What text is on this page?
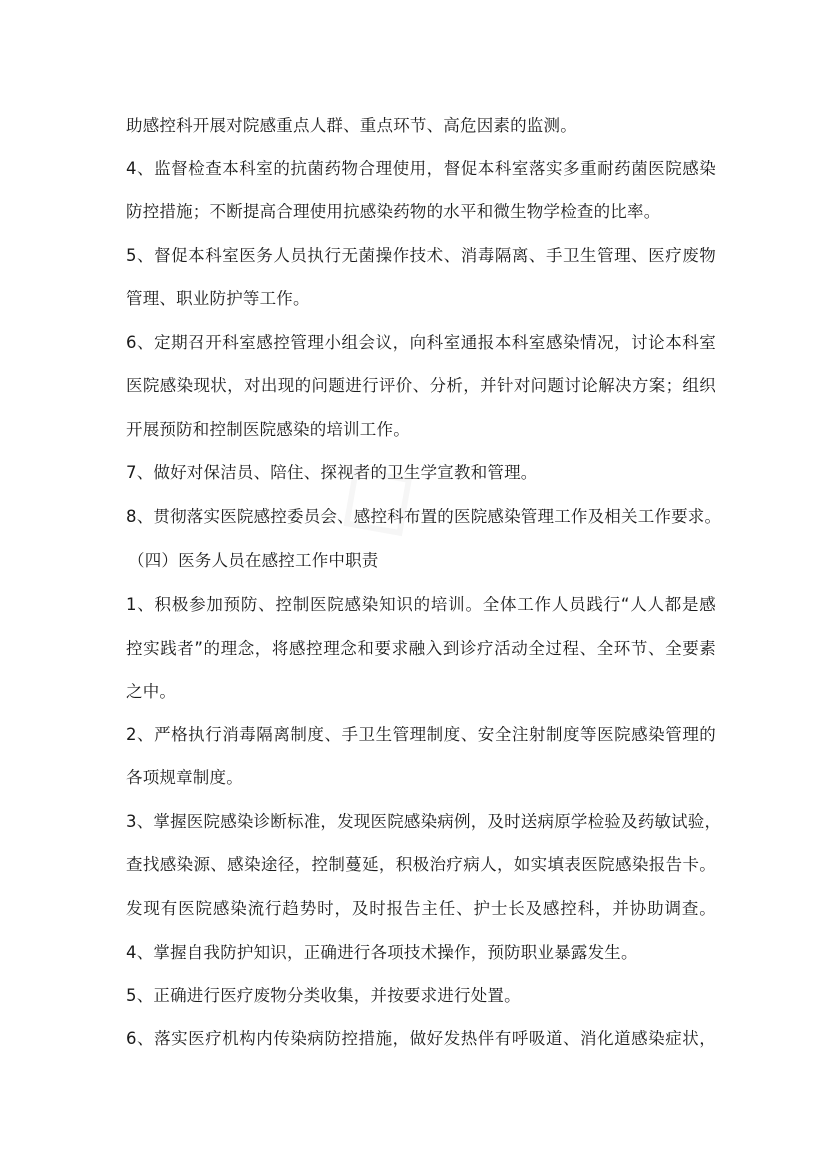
助感控科开展对院感重点人群、重点环节、高危因素的监测。
4、监督检查本科室的抗菌药物合理使用，督促本科室落实多重耐药菌医院感染
防控措施；不断提高合理使用抗感染药物的水平和微生物学检查的比率。
5、督促本科室医务人员执行无菌操作技术、消毒隔离、手卫生管理、医疗废物
管理、职业防护等工作。
6、定期召开科室感控管理小组会议，向科室通报本科室感染情况，讨论本科室
医院感染现状，对出现的问题进行评价、分析，并针对问题讨论解决方案；组织
开展预防和控制医院感染的培训工作。
7、做好对保洁员、陪住、探视者的卫生学宣教和管理。
8、贯彻落实医院感控委员会、感控科布置的医院感染管理工作及相关工作要求。
（四）医务人员在感控工作中职责
1、积极参加预防、控制医院感染知识的培训。全体工作人员践行“人人都是感
控实践者”的理念，将感控理念和要求融入到诊疗活动全过程、全环节、全要素
之中。
2、严格执行消毒隔离制度、手卫生管理制度、安全注射制度等医院感染管理的
各项规章制度。
3、掌握医院感染诊断标准，发现医院感染病例，及时送病原学检验及药敏试验，
查找感染源、感染途径，控制蔓延，积极治疗病人，如实填表医院感染报告卡。
发现有医院感染流行趋势时，及时报告主任、护士长及感控科，并协助调查。
4、掌握自我防护知识，正确进行各项技术操作，预防职业暴露发生。
5、正确进行医疗废物分类收集，并按要求进行处置。
6、落实医疗机构内传染病防控措施，做好发热伴有呼吸道、消化道感染症状，
